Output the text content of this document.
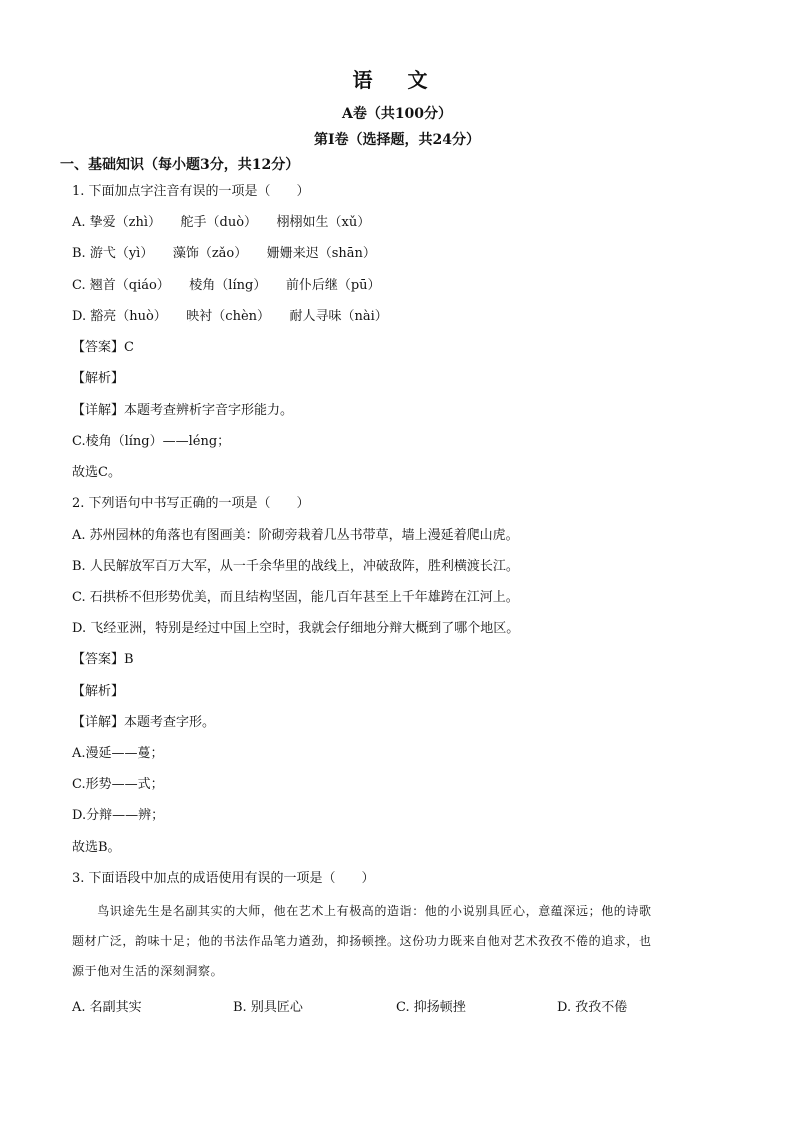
语 文
A卷（共100分）
第I卷（选择题，共24分）
一、基础知识（每小题3分，共12分）
1. 下面加点字注音有误的一项是（　　）
A. 挚爱（zhì）　　舵手（duò）　　栩栩如生（xǔ）
B. 游弋（yì）　　藻饰（zǎo）　　姗姗来迟（shān）
C. 翘首（qiáo）　　棱角（líng）　　前仆后继（pū）
D. 豁亮（huò）　　映衬（chèn）　　耐人寻味（nài）
【答案】C
【解析】
【详解】本题考查辨析字音字形能力。
C.棱角（líng）——léng；
故选C。
2. 下列语句中书写正确的一项是（　　）
A. 苏州园林的角落也有图画美：阶砌旁栽着几丛书带草，墙上漫延着爬山虎。
B. 人民解放军百万大军，从一千余华里的战线上，冲破敌阵，胜利横渡长江。
C. 石拱桥不但形势优美，而且结构坚固，能几百年甚至上千年雄跨在江河上。
D. 飞经亚洲，特别是经过中国上空时，我就会仔细地分辩大概到了哪个地区。
【答案】B
【解析】
【详解】本题考查字形。
A.漫延——蔓；
C.形势——式；
D.分辩——辨；
故选B。
3. 下面语段中加点的成语使用有误的一项是（　　）
　　鸟识途先生是名副其实的大师，他在艺术上有极高的造诣：他的小说别具匠心，意蕴深远；他的诗歌
题材广泛，韵味十足；他的书法作品笔力遒劲，抑扬顿挫。这份功力既来自他对艺术孜孜不倦的追求，也
源于他对生活的深刻洞察。
A. 名副其实	B. 别具匠心	C. 抑扬顿挫	D. 孜孜不倦
